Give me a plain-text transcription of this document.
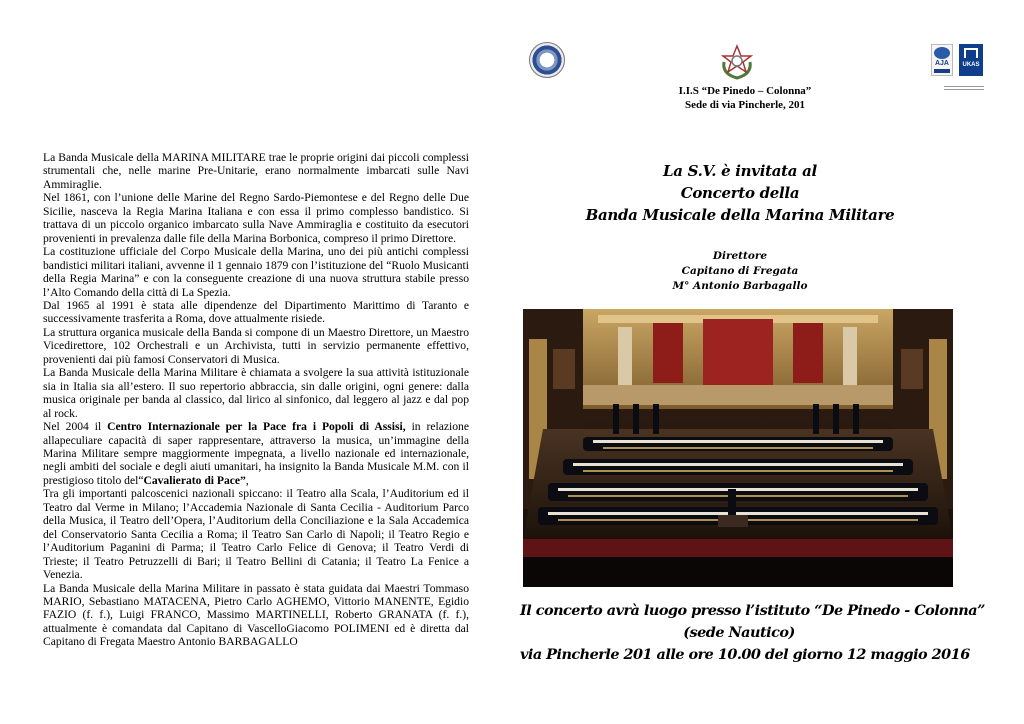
AJA	UKAS
I.I.S “De Pinedo – Colonna”
Sede di via Pincherle, 201

La Banda Musicale della MARINA MILITARE trae le proprie origini dai piccoli complessi strumentali che, nelle marine Pre-Unitarie, erano normalmente imbarcati sulle Navi Ammiraglie.

Nel 1861, con l’unione delle Marine del Regno Sardo-Piemontese e del Regno delle Due Sicilie, nasceva la Regia Marina Italiana e con essa il primo complesso bandistico. Si trattava di un piccolo organico imbarcato sulla Nave Ammiraglia e costituito da esecutori provenienti in prevalenza dalle file della Marina Borbonica, compreso il primo Direttore.

La costituzione ufficiale del Corpo Musicale della Marina, uno dei più antichi complessi bandistici militari italiani, avvenne il 1 gennaio 1879 con l’istituzione del “Ruolo Musicanti della Regia Marina” e con la conseguente creazione di una nuova struttura stabile presso l’Alto Comando della città di La Spezia.

Dal 1965 al 1991 è stata alle dipendenze del Dipartimento Marittimo di Taranto e successivamente trasferita a Roma, dove attualmente risiede.

La struttura organica musicale della Banda si compone di un Maestro Direttore, un Maestro Vicedirettore, 102 Orchestrali e un Archivista, tutti in servizio permanente effettivo, provenienti dai più famosi Conservatori di Musica.

La Banda Musicale della Marina Militare è chiamata a svolgere la sua attività istituzionale sia in Italia sia all’estero. Il suo repertorio abbraccia, sin dalle origini, ogni genere: dalla musica originale per banda al classico, dal lirico al sinfonico, dal leggero al jazz e dal pop al rock.

Nel 2004 il Centro Internazionale per la Pace fra i Popoli di Assisi, in relazione allapeculiare capacità di saper rappresentare, attraverso la musica, un’immagine della Marina Militare sempre maggiormente impegnata, a livello nazionale ed internazionale, negli ambiti del sociale e degli aiuti umanitari, ha insignito la Banda Musicale M.M. con il prestigioso titolo del“Cavalierato di Pace”,

Tra gli importanti palcoscenici nazionali spiccano: il Teatro alla Scala, l’Auditorium ed il Teatro dal Verme in Milano; l’Accademia Nazionale di Santa Cecilia - Auditorium Parco della Musica, il Teatro dell’Opera, l’Auditorium della Conciliazione e la Sala Accademica del Conservatorio Santa Cecilia a Roma; il Teatro San Carlo di Napoli; il Teatro Regio e l’Auditorium Paganini di Parma; il Teatro Carlo Felice di Genova; il Teatro Verdi di Trieste; il Teatro Petruzzelli di Bari; il Teatro Bellini di Catania; il Teatro La Fenice a Venezia.

La Banda Musicale della Marina Militare in passato è stata guidata dai Maestri Tommaso MARIO, Sebastiano MATACENA, Pietro Carlo AGHEMO, Vittorio MANENTE, Egidio FAZIO (f. f.), Luigi FRANCO, Massimo MARTINELLI, Roberto GRANATA (f. f.), attualmente è comandata dal Capitano di VascelloGiacomo POLIMENI ed è diretta dal Capitano di Fregata Maestro Antonio BARBAGALLO

La S.V. è invitata al
Concerto della
Banda Musicale della Marina Militare
Direttore
Capitano di Fregata
M° Antonio Barbagallo
Il concerto avrà luogo presso l’istituto “De Pinedo - Colonna”
(sede Nautico)
via Pincherle 201 alle ore 10.00 del giorno 12 maggio 2016
